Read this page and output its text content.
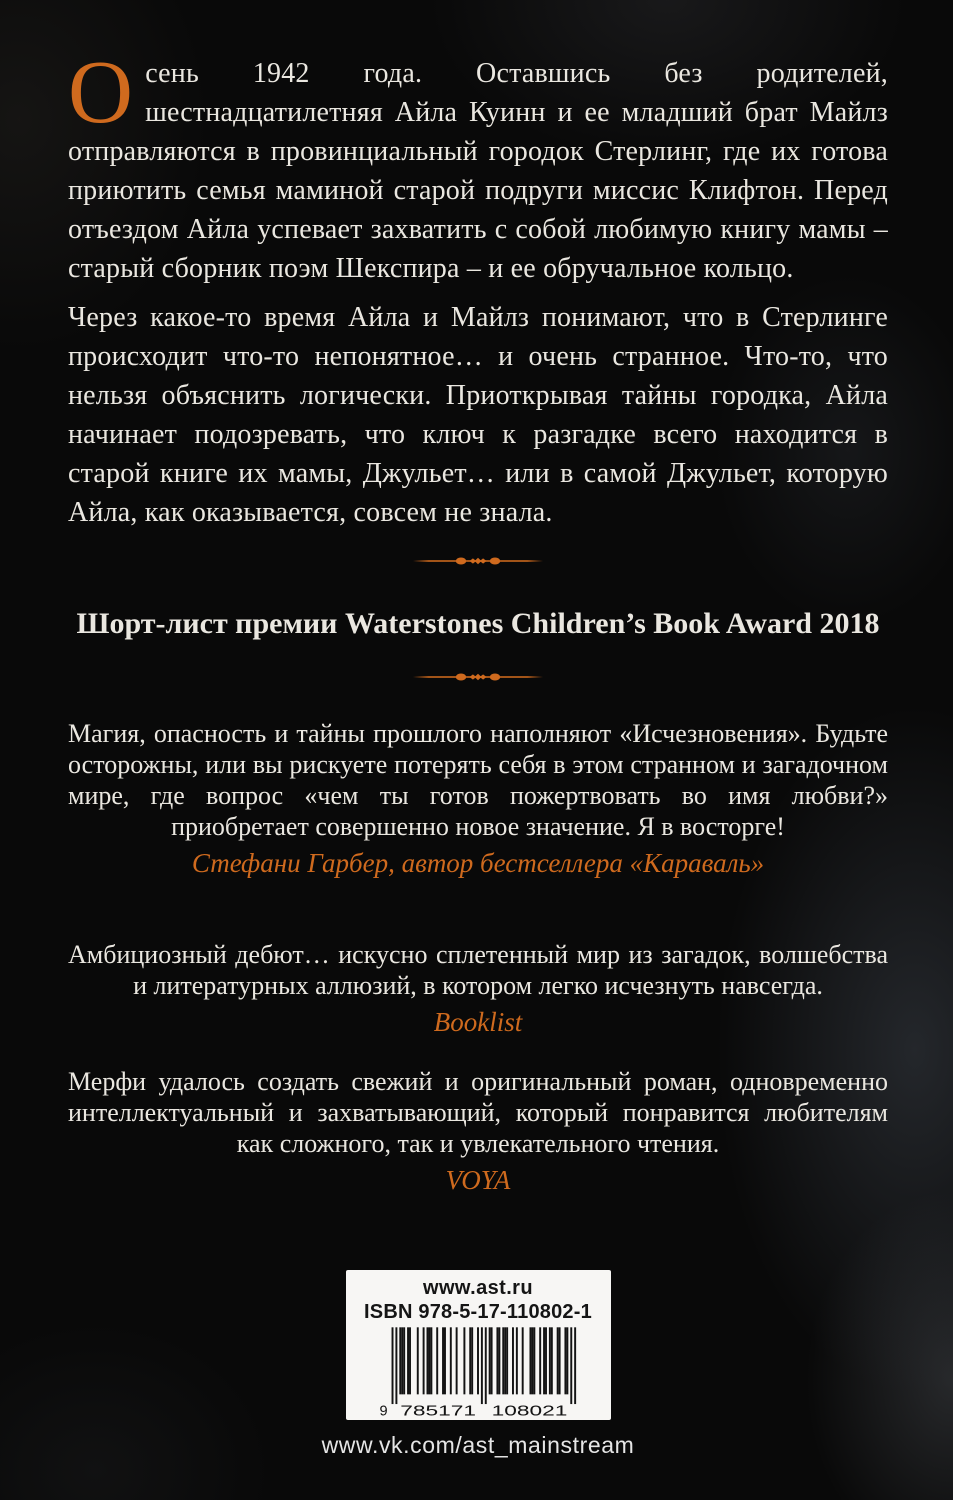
Осень 1942 года. Оставшись без родителей, шестнадцатилетняя Айла Куинн и ее младший брат Майлз отправляются в провинциальный городок Стерлинг, где их готова приютить семья маминой старой подруги миссис Клифтон. Перед отъездом Айла успевает захватить с собой любимую книгу мамы – старый сборник поэм Шекспира – и ее обручальное кольцо.

Через какое-то время Айла и Майлз понимают, что в Стерлинге происходит что-то непонятное… и очень странное. Что-то, что нельзя объяснить логически. Приоткрывая тайны городка, Айла начинает подозревать, что ключ к разгадке всего находится в старой книге их мамы, Джульет… или в самой Джульет, которую Айла, как оказывается, совсем не знала.

Шорт-лист премии Waterstones Children’s Book Award 2018

Магия, опасность и тайны прошлого наполняют «Исчезновения». Будьте осторожны, или вы рискуете потерять себя в этом странном и загадочном мире, где вопрос «чем ты готов пожертвовать во имя любви?» приобретает совершенно новое значение. Я в восторге!

Стефани Гарбер, автор бестселлера «Караваль»

Амбициозный дебют… искусно сплетенный мир из загадок, волшебства и литературных аллюзий, в котором легко исчезнуть навсегда.

Booklist

Мерфи удалось создать свежий и оригинальный роман, одновременно интеллектуальный и захватывающий, который понравится любителям как сложного, так и увлекательного чтения.

VOYA

www.ast.ru
ISBN 978-5-17-110802-1
9 785171 108021
www.vk.com/ast_mainstream
